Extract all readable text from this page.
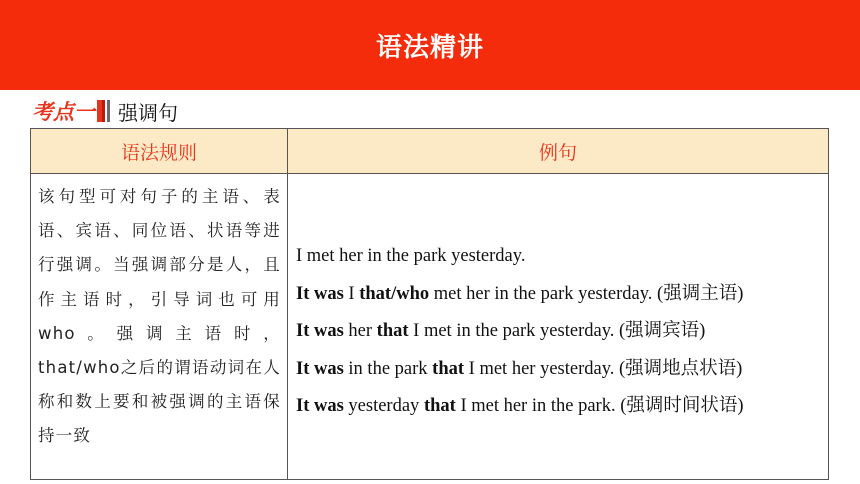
语法精讲
考点一 强调句
语法规则	例句
该句型可对句子的主语、表语、宾语、同位语、状语等进行强调。当强调部分是人，且作主语时，引导词也可用who。强调主语时，that/who之后的谓语动词在人称和数上要和被强调的主语保持一致	I met her in the park yesterday.
It was I that/who met her in the park yesterday. (强调主语)
It was her that I met in the park yesterday. (强调宾语)
It was in the park that I met her yesterday. (强调地点状语)
It was yesterday that I met her in the park. (强调时间状语)
